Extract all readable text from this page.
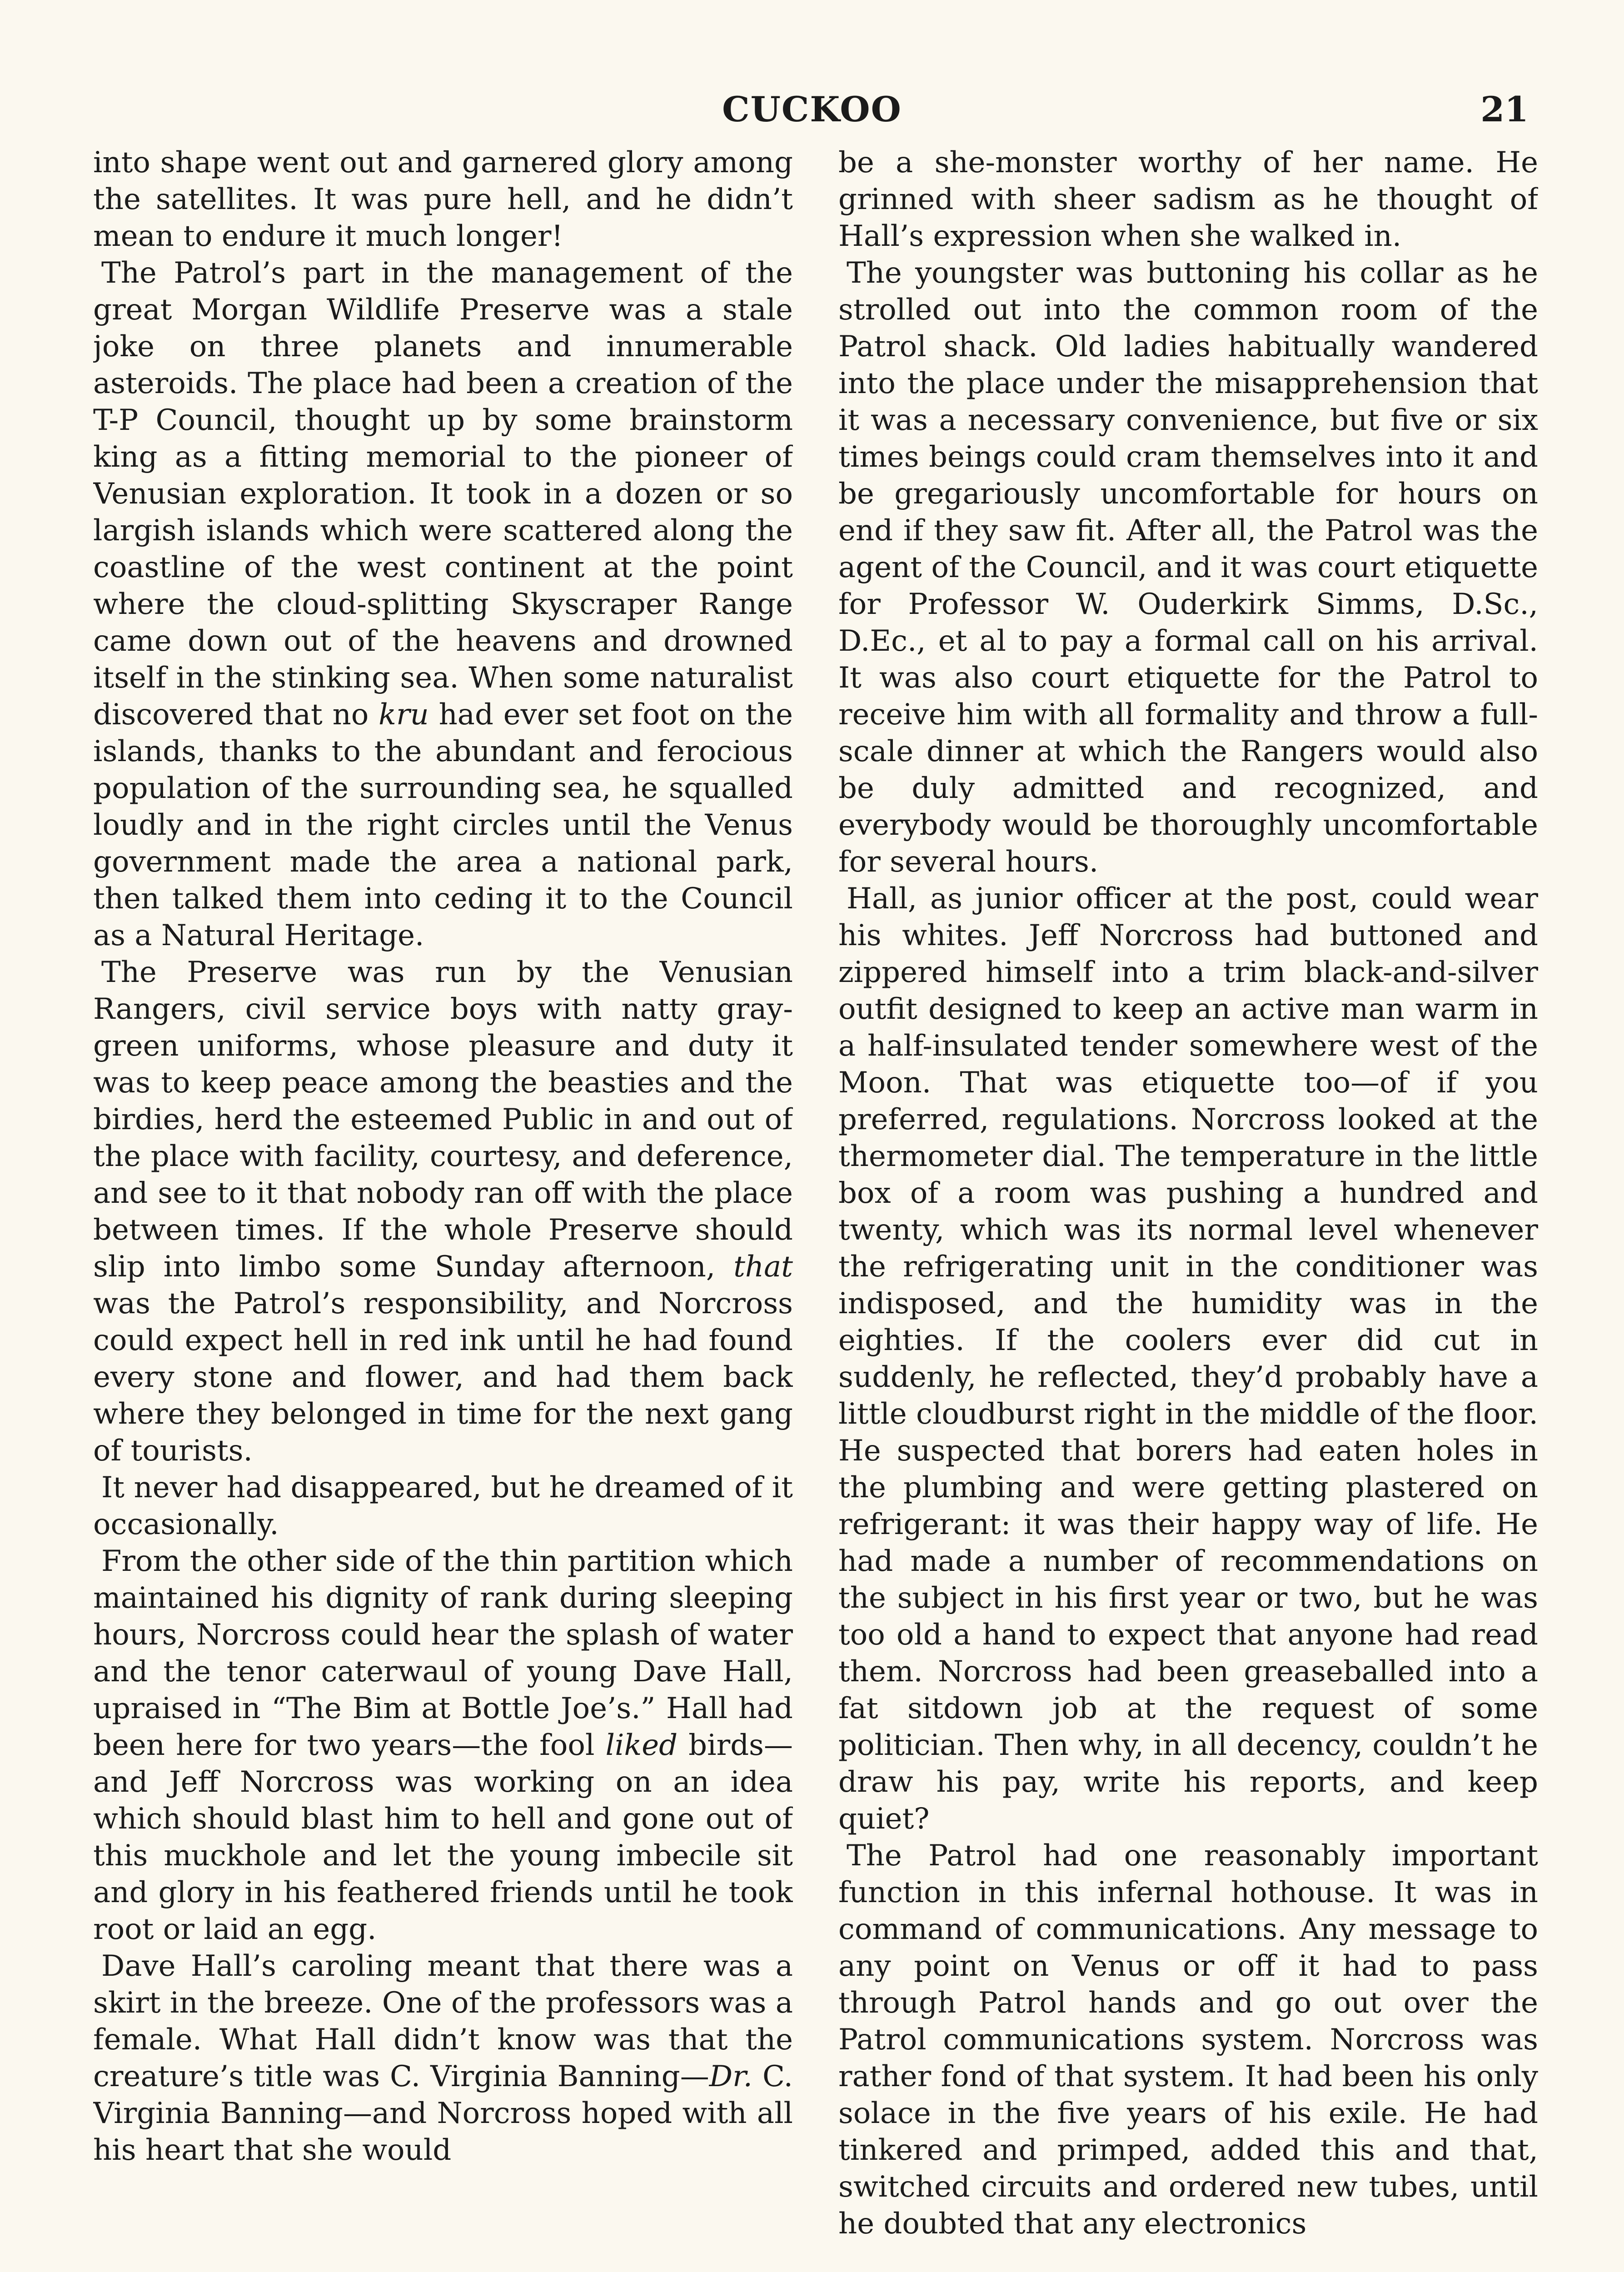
CUCKOO	21

into shape went out and garnered glory among the satellites. It was pure hell, and he didn’t mean to endure it much longer!

The Patrol’s part in the management of the great Morgan Wildlife Preserve was a stale joke on three planets and innumerable asteroids. The place had been a creation of the T-P Council, thought up by some brainstorm king as a fitting memorial to the pioneer of Venusian exploration. It took in a dozen or so largish islands which were scattered along the coastline of the west continent at the point where the cloud-splitting Skyscraper Range came down out of the heavens and drowned itself in the stinking sea. When some naturalist discovered that no kru had ever set foot on the islands, thanks to the abundant and ferocious population of the surrounding sea, he squalled loudly and in the right circles until the Venus government made the area a national park, then talked them into ceding it to the Council as a Natural Heritage.

The Preserve was run by the Venusian Rangers, civil service boys with natty gray-green uniforms, whose pleasure and duty it was to keep peace among the beasties and the birdies, herd the esteemed Public in and out of the place with facility, courtesy, and deference, and see to it that nobody ran off with the place between times. If the whole Preserve should slip into limbo some Sunday afternoon, that was the Patrol’s responsibility, and Norcross could expect hell in red ink until he had found every stone and flower, and had them back where they belonged in time for the next gang of tourists.

It never had disappeared, but he dreamed of it occasionally.

From the other side of the thin partition which maintained his dignity of rank during sleeping hours, Norcross could hear the splash of water and the tenor caterwaul of young Dave Hall, upraised in “The Bim at Bottle Joe’s.” Hall had been here for two years—the fool liked birds—and Jeff Norcross was working on an idea which should blast him to hell and gone out of this muckhole and let the young imbecile sit and glory in his feathered friends until he took root or laid an egg.

Dave Hall’s caroling meant that there was a skirt in the breeze. One of the professors was a female. What Hall didn’t know was that the creature’s title was C. Virginia Banning—Dr. C. Virginia Banning—and Norcross hoped with all his heart that she would

be a she-monster worthy of her name. He grinned with sheer sadism as he thought of Hall’s expression when she walked in.

The youngster was buttoning his collar as he strolled out into the common room of the Patrol shack. Old ladies habitually wandered into the place under the misapprehension that it was a necessary convenience, but five or six times beings could cram themselves into it and be gregariously uncomfortable for hours on end if they saw fit. After all, the Patrol was the agent of the Council, and it was court etiquette for Professor W. Ouderkirk Simms, D.Sc., D.Ec., et al to pay a formal call on his arrival. It was also court etiquette for the Patrol to receive him with all formality and throw a full-scale dinner at which the Rangers would also be duly admitted and recognized, and everybody would be thoroughly uncomfortable for several hours.

Hall, as junior officer at the post, could wear his whites. Jeff Norcross had buttoned and zippered himself into a trim black-and-silver outfit designed to keep an active man warm in a half-insulated tender somewhere west of the Moon. That was etiquette too—of if you preferred, regulations. Norcross looked at the thermometer dial. The temperature in the little box of a room was pushing a hundred and twenty, which was its normal level whenever the refrigerating unit in the conditioner was indisposed, and the humidity was in the eighties. If the coolers ever did cut in suddenly, he reflected, they’d probably have a little cloudburst right in the middle of the floor. He suspected that borers had eaten holes in the plumbing and were getting plastered on refrigerant: it was their happy way of life. He had made a number of recommendations on the subject in his first year or two, but he was too old a hand to expect that anyone had read them. Norcross had been greaseballed into a fat sitdown job at the request of some politician. Then why, in all decency, couldn’t he draw his pay, write his reports, and keep quiet?

The Patrol had one reasonably important function in this infernal hothouse. It was in command of communications. Any message to any point on Venus or off it had to pass through Patrol hands and go out over the Patrol communications system. Norcross was rather fond of that system. It had been his only solace in the five years of his exile. He had tinkered and primped, added this and that, switched circuits and ordered new tubes, until he doubted that any electronics
